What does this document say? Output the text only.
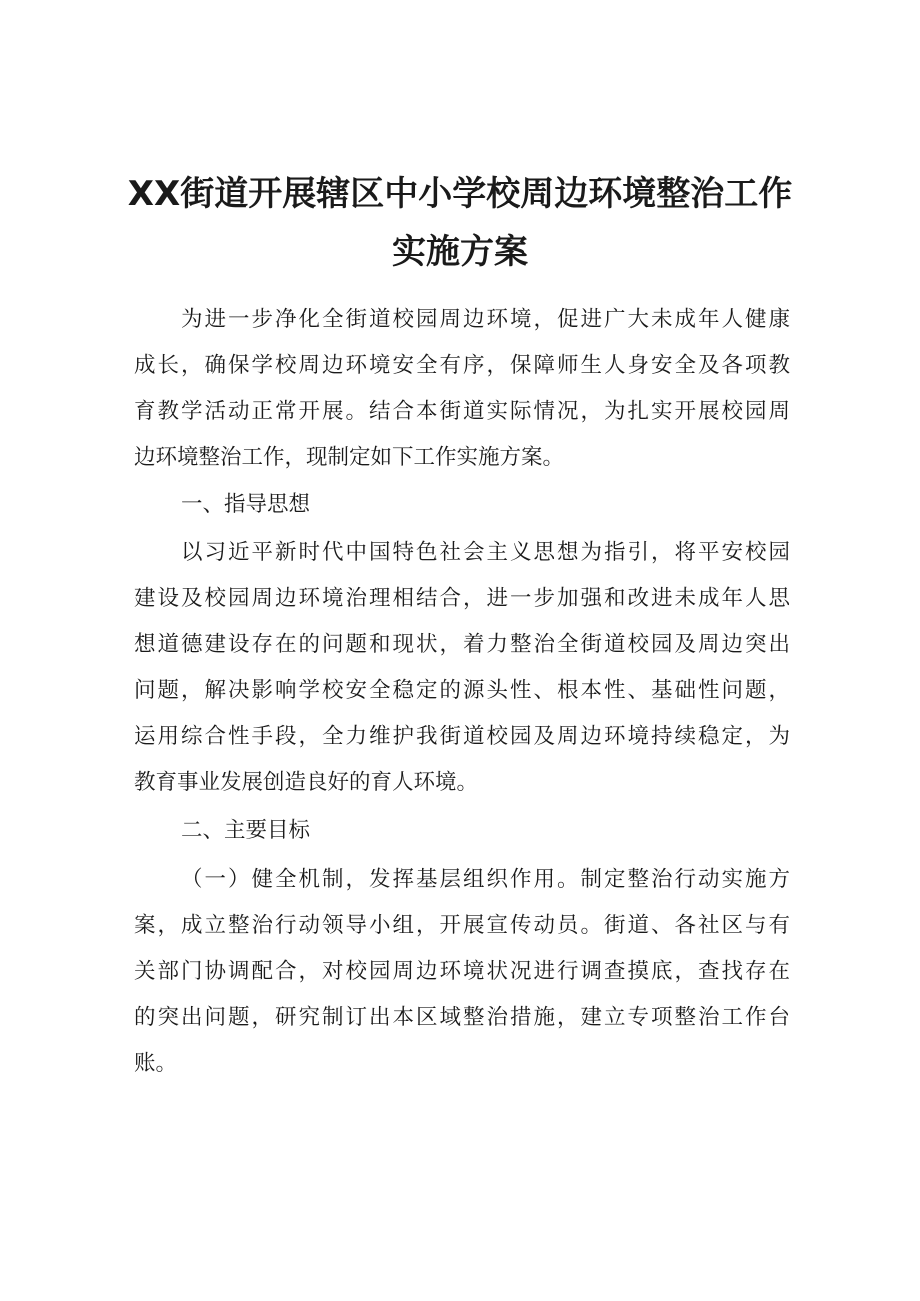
XX街道开展辖区中小学校周边环境整治工作
实施方案
为进一步净化全街道校园周边环境，促进广大未成年人健康
成长，确保学校周边环境安全有序，保障师生人身安全及各项教
育教学活动正常开展。结合本街道实际情况，为扎实开展校园周
边环境整治工作，现制定如下工作实施方案。
一、指导思想
以习近平新时代中国特色社会主义思想为指引，将平安校园
建设及校园周边环境治理相结合，进一步加强和改进未成年人思
想道德建设存在的问题和现状，着力整治全街道校园及周边突出
问题，解决影响学校安全稳定的源头性、根本性、基础性问题，
运用综合性手段，全力维护我街道校园及周边环境持续稳定，为
教育事业发展创造良好的育人环境。
二、主要目标
（一）健全机制，发挥基层组织作用。制定整治行动实施方
案，成立整治行动领导小组，开展宣传动员。街道、各社区与有
关部门协调配合，对校园周边环境状况进行调查摸底，查找存在
的突出问题，研究制订出本区域整治措施，建立专项整治工作台
账。
